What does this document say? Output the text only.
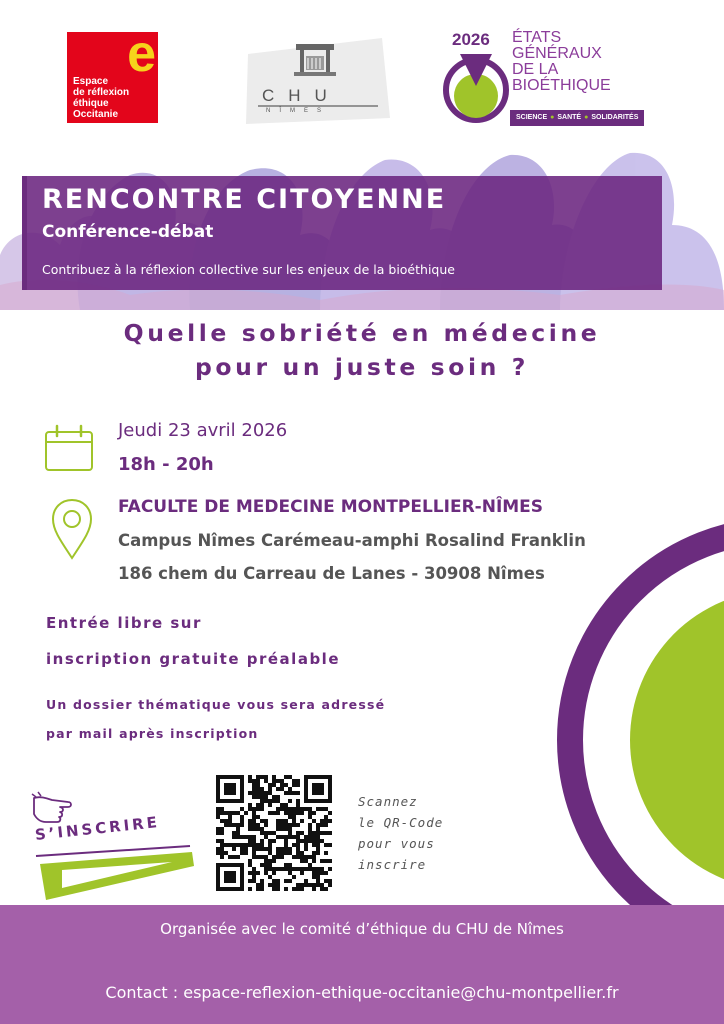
e
Espace
de réflexion
éthique
Occitanie
CHU
NÎMES
2026 ÉTATS
GÉNÉRAUX
DE LA
BIOÉTHIQUE
SCIENCE ● SANTÉ ● SOLIDARITÉS
RENCONTRE CITOYENNE
Conférence-débat
Contribuez à la réflexion collective sur les enjeux de la bioéthique
Quelle sobriété en médecine
pour un juste soin ?
Jeudi 23 avril 2026
18h - 20h
FACULTE DE MEDECINE MONTPELLIER-NÎMES
Campus Nîmes Carémeau-amphi Rosalind Franklin
186 chem du Carreau de Lanes - 30908 Nîmes
Entrée libre sur
inscription gratuite préalable
Un dossier thématique vous sera adressé
par mail après inscription
S’INSCRIRE
Scannez
le QR-Code
pour vous
inscrire
Organisée avec le comité d’éthique du CHU de Nîmes
Contact : espace-reflexion-ethique-occitanie@chu-montpellier.fr
